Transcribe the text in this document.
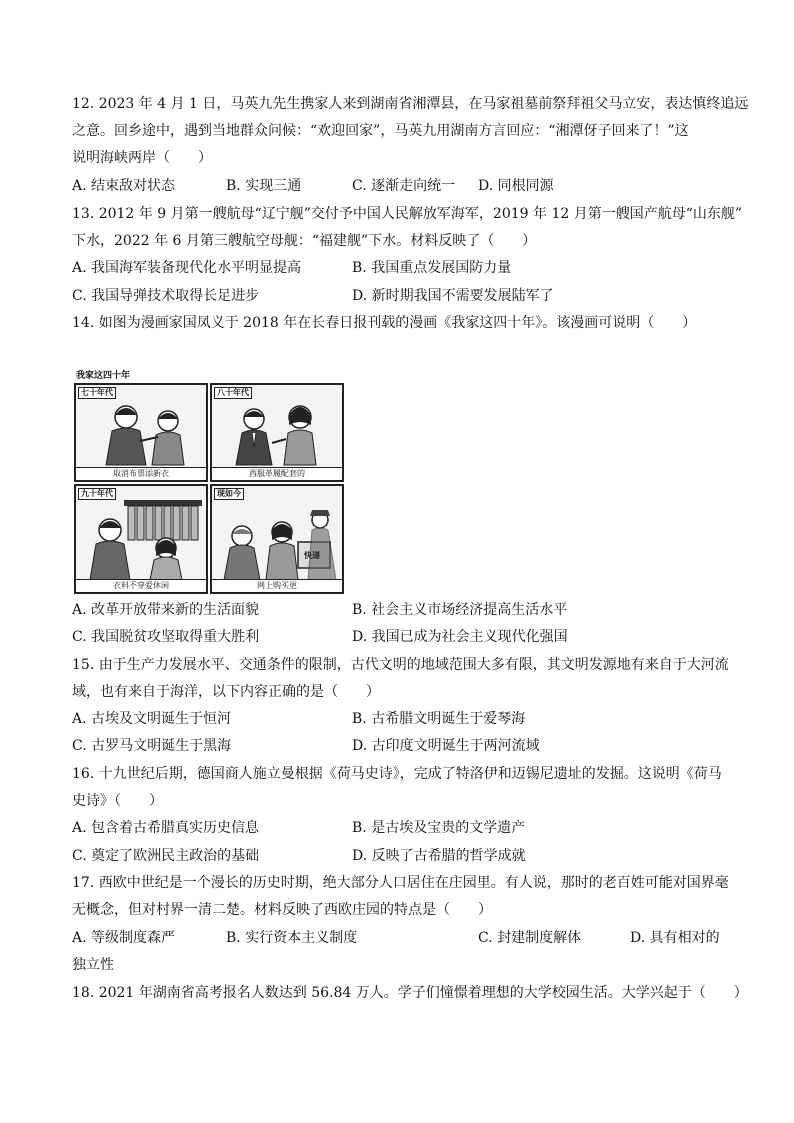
12. 2023 年 4 月 1 日，马英九先生携家人来到湖南省湘潭县，在马家祖墓前祭拜祖父马立安，表达慎终追远
之意。回乡途中，遇到当地群众问候：“欢迎回家”，马英九用湖南方言回应：“湘潭伢子回来了！”这
说明海峡两岸（　　）
A. 结束敌对状态	B. 实现三通	C. 逐渐走向统一 D. 同根同源
13. 2012 年 9 月第一艘航母“辽宁舰”交付予中国人民解放军海军，2019 年 12 月第一艘国产航母“山东舰”
下水，2022 年 6 月第三艘航空母舰：“福建舰”下水。材料反映了（　　）
A. 我国海军装备现代化水平明显提高	B. 我国重点发展国防力量
C. 我国导弹技术取得长足进步	D. 新时期我国不需要发展陆军了
14. 如图为漫画家国凤义于 2018 年在长春日报刊载的漫画《我家这四十年》。该漫画可说明（　　）
我家这四十年
七十年代
取消布票添新衣
八十年代
西服革履配套的
九十年代
衣料不穿爱休闲
快递
现如今
网上购买更
A. 改革开放带来新的生活面貌	B. 社会主义市场经济提高生活水平
C. 我国脱贫攻坚取得重大胜利	D. 我国已成为社会主义现代化强国
15. 由于生产力发展水平、交通条件的限制，古代文明的地域范围大多有限，其文明发源地有来自于大河流
域，也有来自于海洋，以下内容正确的是（　　）
A. 古埃及文明诞生于恒河	B. 古希腊文明诞生于爱琴海
C. 古罗马文明诞生于黑海	D. 古印度文明诞生于两河流域
16. 十九世纪后期，德国商人施立曼根据《荷马史诗》，完成了特洛伊和迈锡尼遗址的发掘。这说明《荷马
史诗》（　　）
A. 包含着古希腊真实历史信息	B. 是古埃及宝贵的文学遗产
C. 奠定了欧洲民主政治的基础	D. 反映了古希腊的哲学成就
17. 西欧中世纪是一个漫长的历史时期，绝大部分人口居住在庄园里。有人说，那时的老百姓可能对国界毫
无概念，但对村界一清二楚。材料反映了西欧庄园的特点是（　　）
A. 等级制度森严	B. 实行资本主义制度	C. 封建制度解体	D. 具有相对的
独立性
18. 2021 年湖南省高考报名人数达到 56.84 万人。学子们憧憬着理想的大学校园生活。大学兴起于（　　）
